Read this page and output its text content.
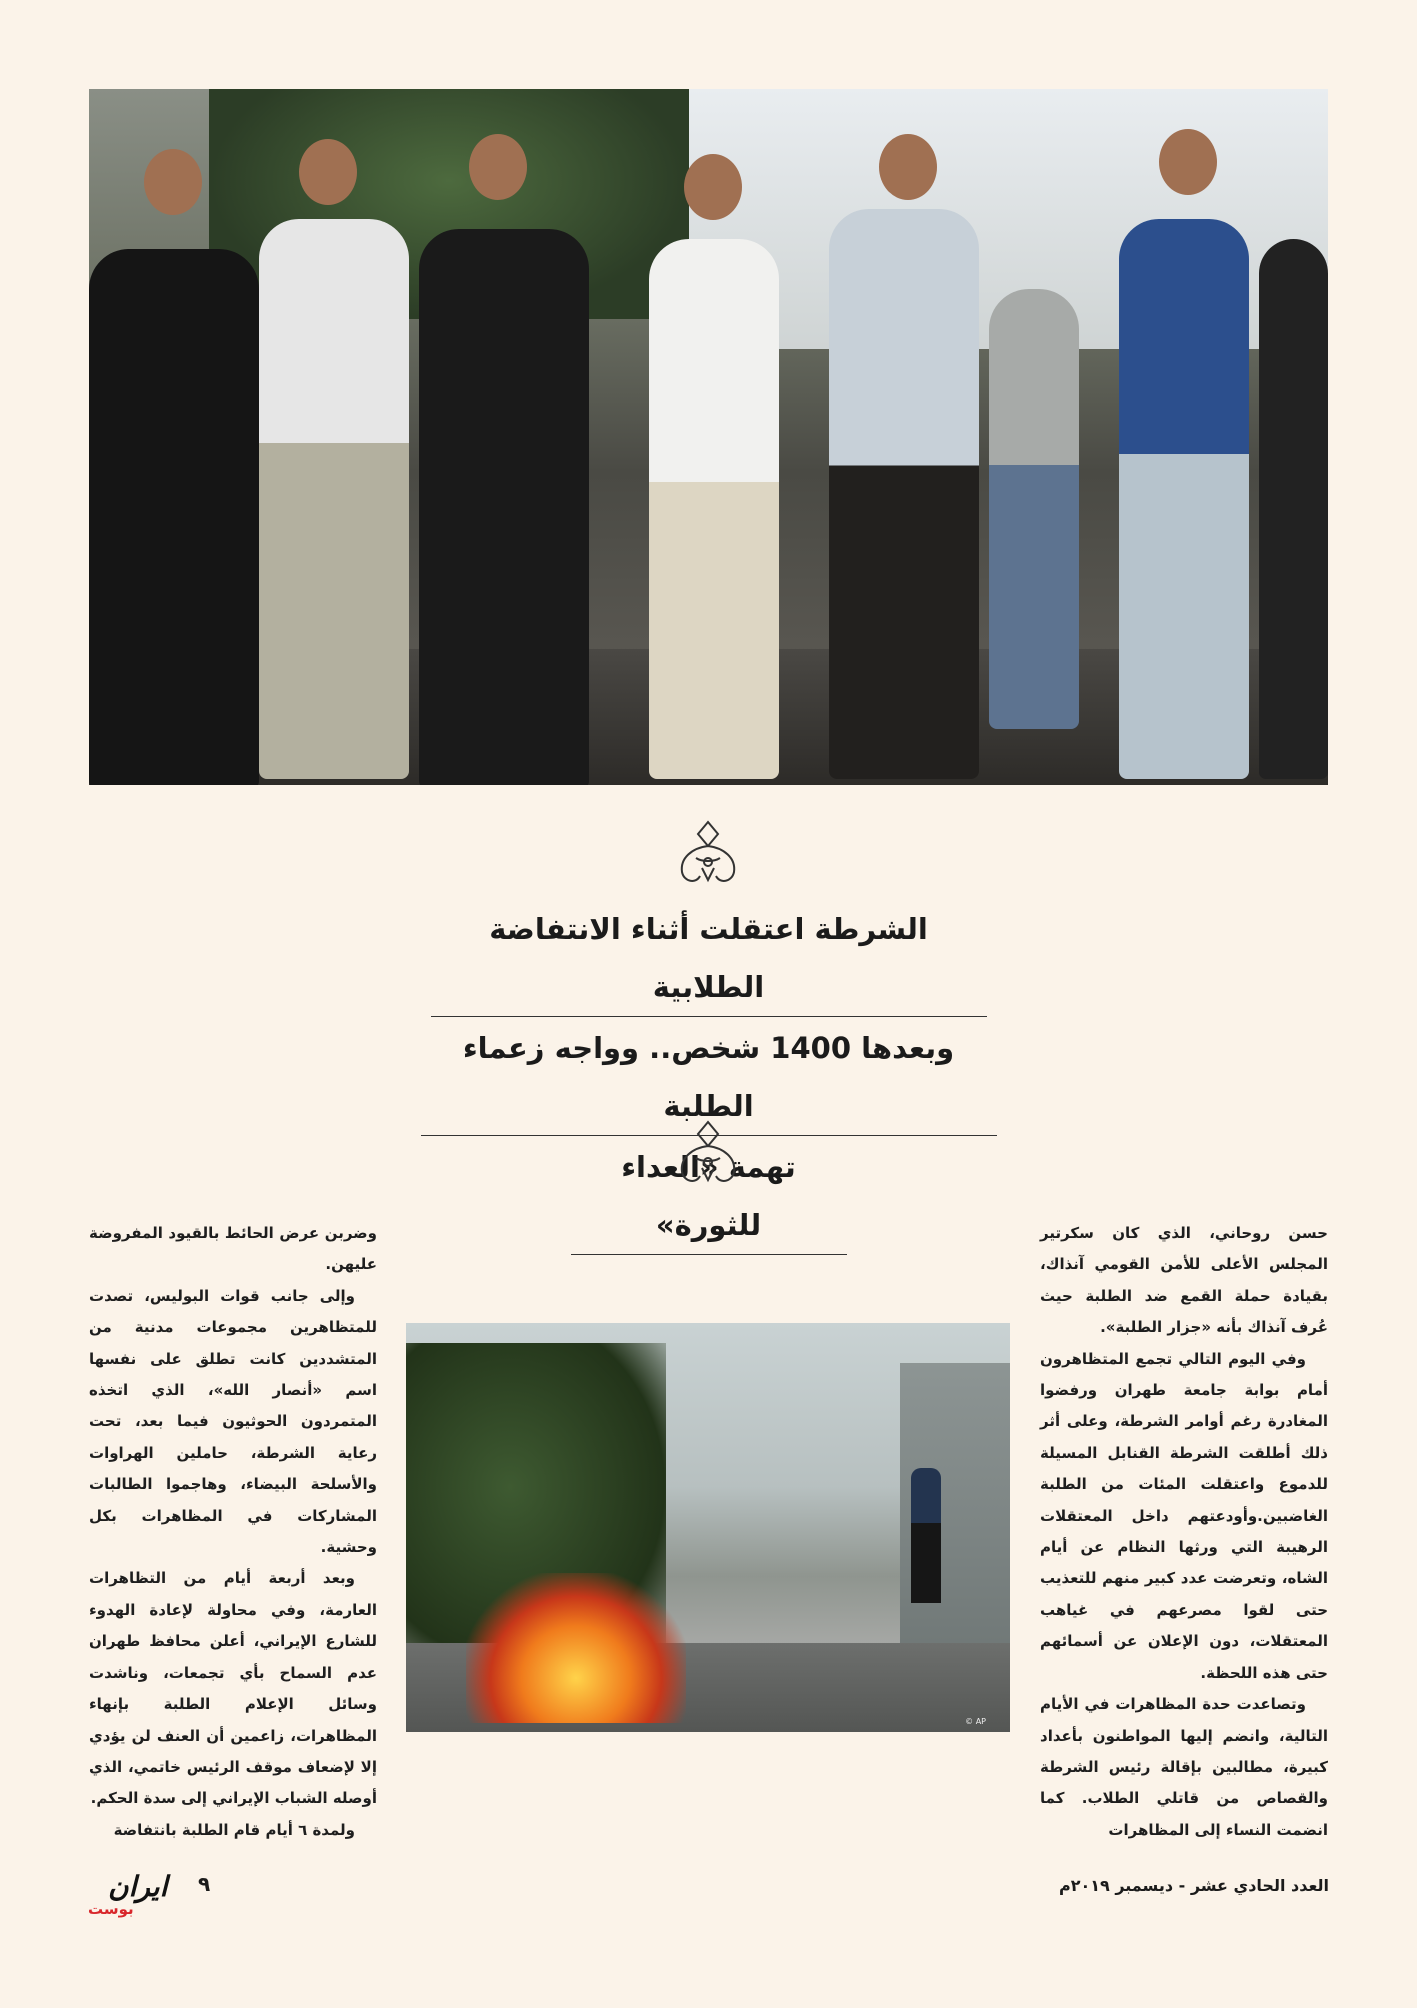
الشرطة اعتقلت أثناء الانتفاضة الطلابية
وبعدها 1400 شخص.. وواجه زعماء الطلبة
تهمة «العداء للثورة»	حسن روحاني، الذي كان سكرتير المجلس الأعلى للأمن القومي آنذاك، بقيادة حملة القمع ضد الطلبة حيث عُرف آنذاك بأنه «جزار الطلبة».

وفي اليوم التالي تجمع المتظاهرون أمام بوابة جامعة طهران ورفضوا المغادرة رغم أوامر الشرطة، وعلى أثر ذلك أطلقت الشرطة القنابل المسيلة للدموع واعتقلت المئات من الطلبة الغاضبين.وأودعتهم داخل المعتقلات الرهيبة التي ورثها النظام عن أيام الشاه، وتعرضت عدد كبير منهم للتعذيب حتى لقوا مصرعهم في غياهب المعتقلات، دون الإعلان عن أسمائهم حتى هذه اللحظة.

وتصاعدت حدة المظاهرات في الأيام التالية، وانضم إليها المواطنون بأعداد كبيرة، مطالبين بإقالة رئيس الشرطة والقصاص من قاتلي الطلاب. كما انضمت النساء إلى المظاهرات

© AP

وضربن عرض الحائط بالقيود المفروضة عليهن.

وإلى جانب قوات البوليس، تصدت للمتظاهرين مجموعات مدنية من المتشددين كانت تطلق على نفسها اسم «أنصار الله»، الذي اتخذه المتمردون الحوثيون فيما بعد، تحت رعاية الشرطة، حاملين الهراوات والأسلحة البيضاء، وهاجموا الطالبات المشاركات في المظاهرات بكل وحشية.

وبعد أربعة أيام من التظاهرات العارمة، وفي محاولة لإعادة الهدوء للشارع الإيراني، أعلن محافظ طهران عدم السماح بأي تجمعات، وناشدت وسائل الإعلام الطلبة بإنهاء المظاهرات، زاعمين أن العنف لن يؤدي إلا لإضعاف موقف الرئيس خاتمي، الذي أوصله الشباب الإيراني إلى سدة الحكم.

ولمدة ٦ أيام قام الطلبة بانتفاضة

ايران
بوست
٩	العدد الحادي عشر - ديسمبر ٢٠١٩م
